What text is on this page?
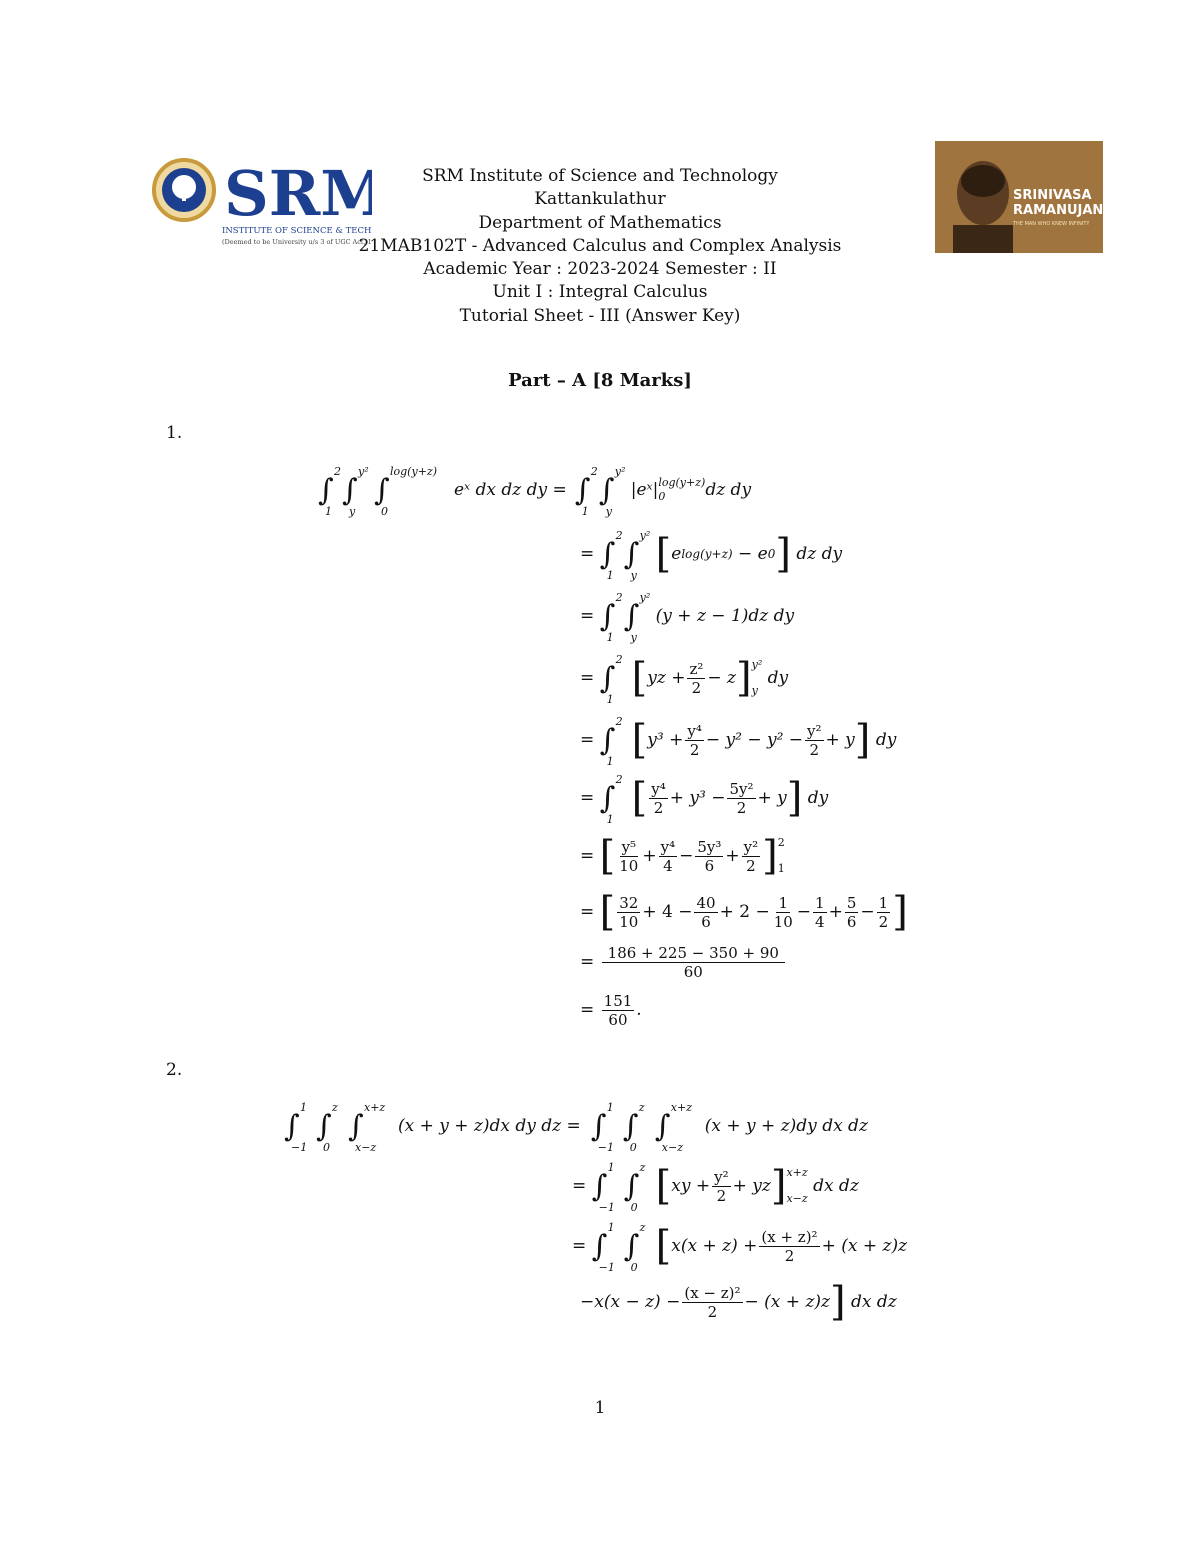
SRM
INSTITUTE OF SCIENCE & TECH
(Deemed to be University u/s 3 of UGC Act, 1956)
SRINIVASA
RAMANUJAN
THE MAN WHO KNEW INFINITY
SRM Institute of Science and Technology
Kattankulathur
Department of Mathematics
21MAB102T - Advanced Calculus and Complex Analysis
Academic Year : 2023-2024 Semester : II
Unit I : Integral Calculus
Tutorial Sheet - III (Answer Key)
Part – A [8 Marks]
1.
2
∫
1
y²
∫
y
log(y+z)
∫
0
eˣ dx dz dy =
2
∫
1
y²
∫
y
|eˣ| log(y+z)
0	dz dy
=
2
∫
1
y²
∫
y [ e log(y+z)
− e 0 ]
dz dy
=
2
∫
1
y²
∫
y
(y + z − 1)dz dy
=
2
∫
1 [ yz + $\frac{\text{z²}}{2} - z$ ] y²
y

dy
=
2
∫
1 [ $y^3 + \frac{\text{y⁴}}{2} - y^2 - y^2 - \frac{\text{y²}}{2} + y$ ]
dy
=
2
∫
1 [ $\frac{\text{y⁴}}{2} + y^3 - \frac{\text{5y²}}{2} + y$ ]
dy
= [ $\frac{\text{y⁵}}{10} + \frac{\text{y⁴}}{4} - \frac{\text{5y³}}{6} + \frac{\text{y²}}{2}$ ] 2
1
= [ $\frac{32}{10} + 4 - \frac{40}{6} + 2 - \frac{1}{10} - \frac{1}{4} + \frac{5}{6} - \frac{1}{2}$ ]
= $\frac{186 + 225 - 350 + 90}{60}$
= $\frac{151}{60}$ .
2.
1
∫
−1
z
∫
0
x+z
∫
x−z
(x + y + z)dx dy dz =
1
∫
−1
z
∫
0
x+z
∫
x−z
(x + y + z)dy dx dz
=
1
∫
−1
z
∫
0 [ xy + $\frac{\text{y²}}{2}$ + yz ] x+z
x−z

dx dz
=
1
∫
−1
z
∫
0 [ $x(x + z) + \frac{\text{(x + z)²}}{2} + (x + z)z$
$-x(x - z) - \frac{\text{(x − z)²}}{2} - (x + z)z$ ]
dx dz
1
